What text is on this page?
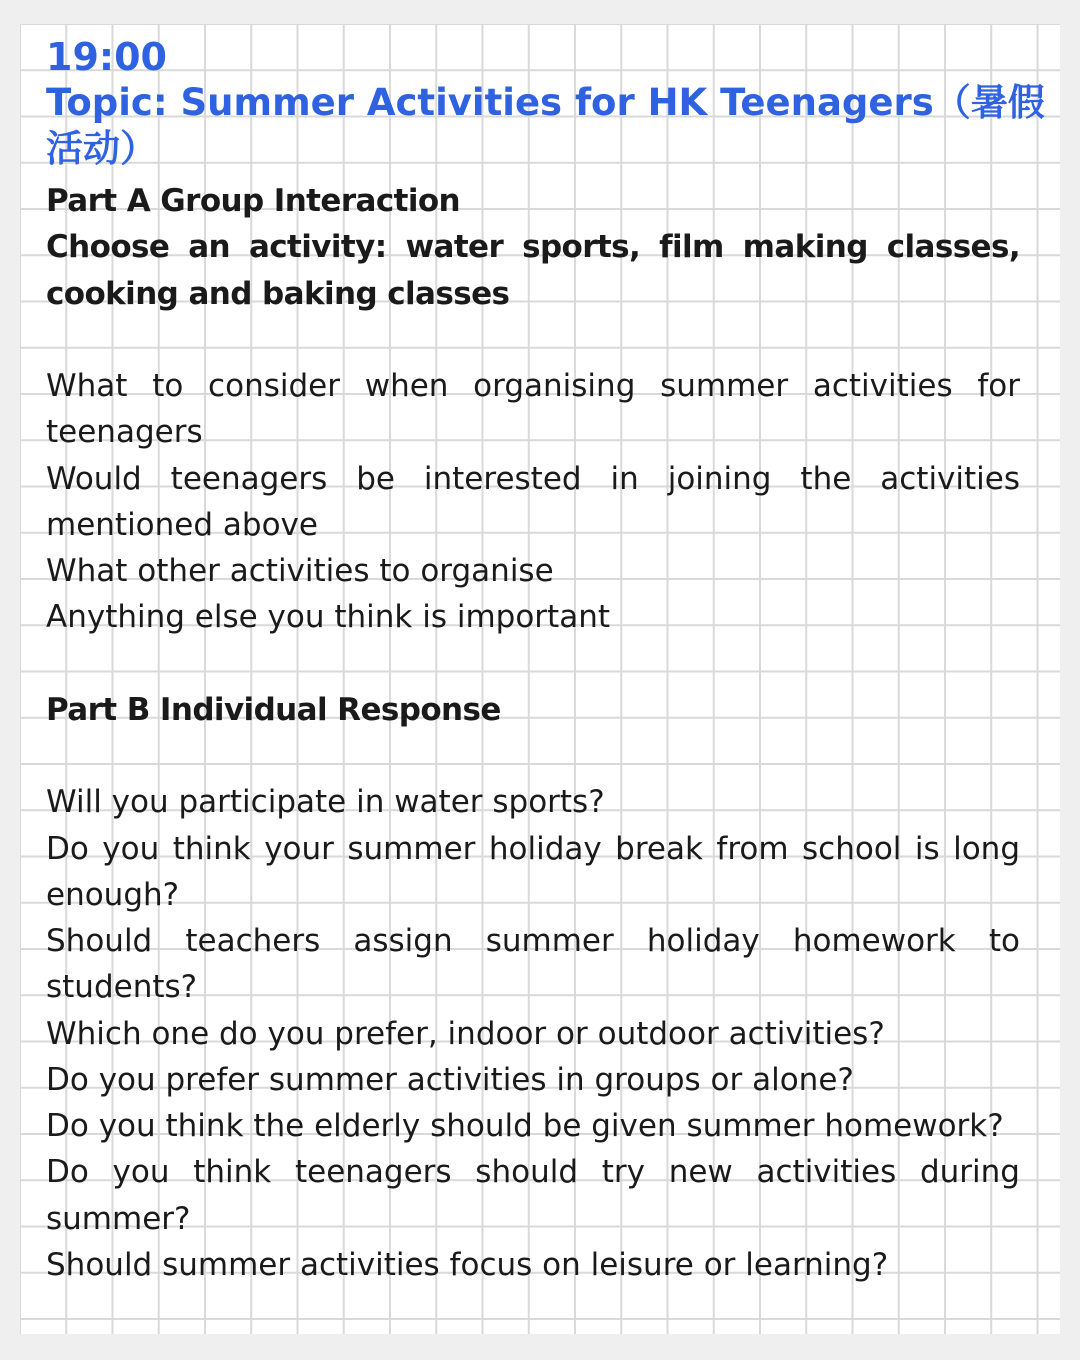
19:00

Topic: Summer Activities for HK Teenagers（暑假活动）

Part A Group Interaction

Choose an activity: water sports, film making classes, cooking and baking classes

What to consider when organising summer activities for teenagers

Would teenagers be interested in joining the activities mentioned above

What other activities to organise

Anything else you think is important

Part B Individual Response

Will you participate in water sports?

Do you think your summer holiday break from school is long enough?

Should teachers assign summer holiday homework to students?

Which one do you prefer, indoor or outdoor activities?

Do you prefer summer activities in groups or alone?

Do you think the elderly should be given summer homework?

Do you think teenagers should try new activities during summer?

Should summer activities focus on leisure or learning?
